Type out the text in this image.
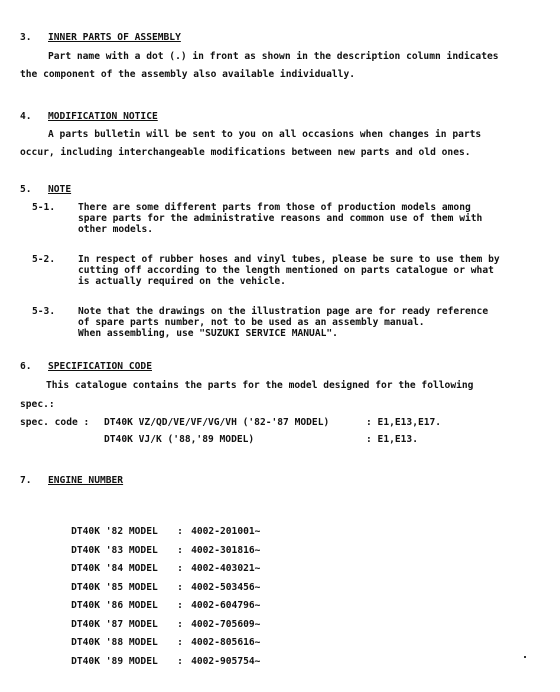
3. INNER PARTS OF ASSEMBLY
Part name with a dot (.) in front as shown in the description column indicates
the component of the assembly also available individually.
4. MODIFICATION NOTICE
A parts bulletin will be sent to you on all occasions when changes in parts
occur, including interchangeable modifications between new parts and old ones.
5. NOTE
5-1. There are some different parts from those of production models among
spare parts for the administrative reasons and common use of them with
other models.
5-2. In respect of rubber hoses and vinyl tubes, please be sure to use them by
cutting off according to the length mentioned on parts catalogue or what
is actually required on the vehicle.
5-3. Note that the drawings on the illustration page are for ready reference
of spare parts number, not to be used as an assembly manual.
When assembling, use "SUZUKI SERVICE MANUAL".
6. SPECIFICATION CODE
This catalogue contains the parts for the model designed for the following
spec.:
spec. code : DT40K VZ/QD/VE/VF/VG/VH ('82-'87 MODEL)	: E1,E13,E17.
DT40K VJ/K ('88,'89 MODEL)	: E1,E13.
7. ENGINE NUMBER

DT40K '82 MODEL : 4002-201001~

DT40K '83 MODEL : 4002-301816~

DT40K '84 MODEL : 4002-403021~

DT40K '85 MODEL : 4002-503456~

DT40K '86 MODEL : 4002-604796~

DT40K '87 MODEL : 4002-705609~

DT40K '88 MODEL : 4002-805616~

DT40K '89 MODEL : 4002-905754~
